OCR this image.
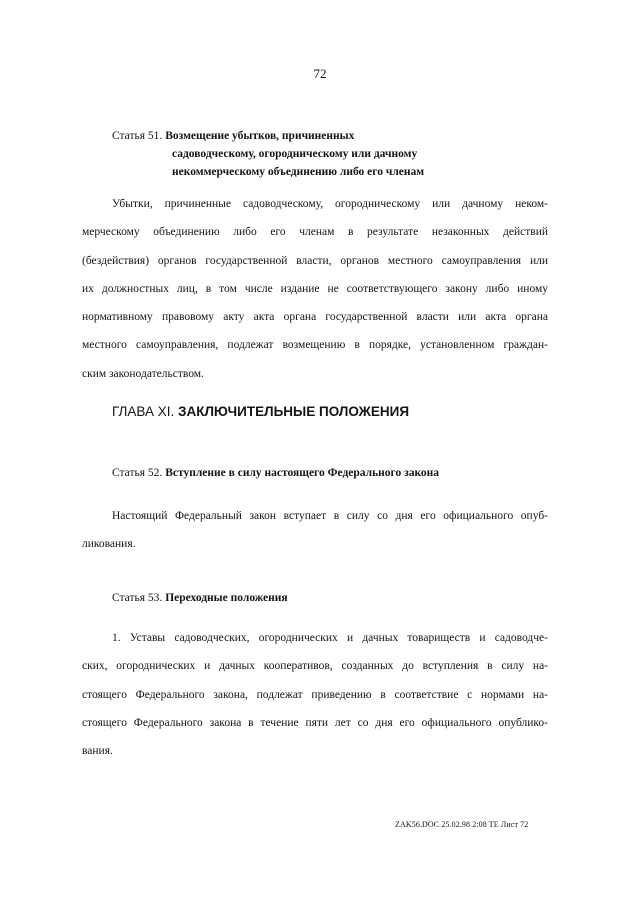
72
Статья 51. Возмещение убытков, причиненных
садоводческому, огородническому или дачному
некоммерческому объединению либо его членам
Убытки, причиненные садоводческому, огородническому или дачному неком-
мерческому объединению либо его членам в результате незаконных действий
(бездействия) органов государственной власти, органов местного самоуправления или
их должностных лиц, в том числе издание не соответствующего закону либо иному
нормативному правовому акту акта органа государственной власти или акта органа
местного самоуправления, подлежат возмещению в порядке, установленном граждан-
ским законодательством.
ГЛАВА XI. ЗАКЛЮЧИТЕЛЬНЫЕ ПОЛОЖЕНИЯ
Статья 52. Вступление в силу настоящего Федерального закона
Настоящий Федеральный закон вступает в силу со дня его официального опуб-
ликования.
Статья 53. Переходные положения
1. Уставы садоводческих, огороднических и дачных товариществ и садоводче-
ских, огороднических и дачных кооперативов, созданных до вступления в силу на-
стоящего Федерального закона, подлежат приведению в соответствие с нормами на-
стоящего Федерального закона в течение пяти лет со дня его официального опублико-
вания.
ZAK56.DOC 25.02.98 2:08 TE Лист 72
